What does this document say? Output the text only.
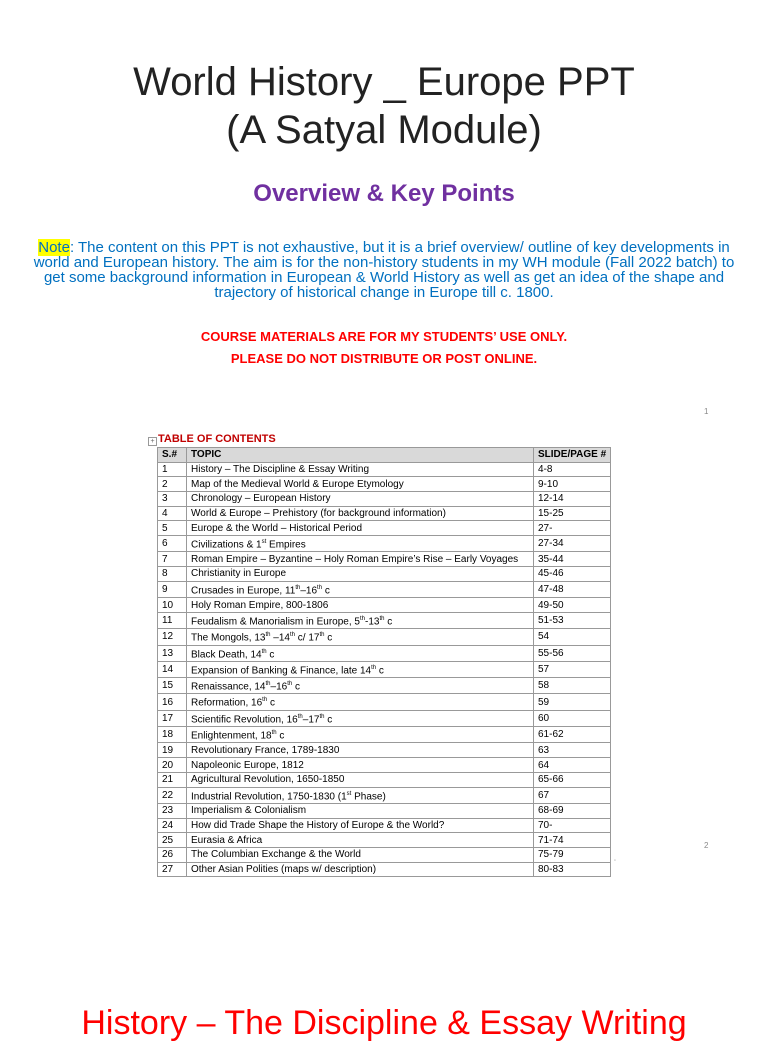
World History _ Europe PPT
(A Satyal Module)
Overview & Key Points
Note: The content on this PPT is not exhaustive, but it is a brief overview/ outline of key developments in world and European history. The aim is for the non-history students in my WH module (Fall 2022 batch) to get some background information in European & World History as well as get an idea of the shape and trajectory of historical change in Europe till c. 1800.
COURSE MATERIALS ARE FOR MY STUDENTS’ USE ONLY.
PLEASE DO NOT DISTRIBUTE OR POST ONLINE.
1
+ TABLE OF CONTENTS
S.#	TOPIC	SLIDE/PAGE #
1	History – The Discipline & Essay Writing	4-8
2	Map of the Medieval World & Europe Etymology	9-10
3	Chronology – European History	12-14
4	World & Europe – Prehistory (for background information)	15-25
5	Europe & the World – Historical Period	27-
6	Civilizations & 1st Empires	27-34
7	Roman Empire – Byzantine – Holy Roman Empire’s Rise – Early Voyages	35-44
8	Christianity in Europe	45-46
9	Crusades in Europe, 11th–16th c	47-48
10	Holy Roman Empire, 800-1806	49-50
11	Feudalism & Manorialism in Europe, 5th-13th c	51-53
12	The Mongols, 13th –14th c/ 17th c	54
13	Black Death, 14th c	55-56
14	Expansion of Banking & Finance, late 14th c	57
15	Renaissance, 14th–16th c	58
16	Reformation, 16th c	59
17	Scientific Revolution, 16th–17th c	60
18	Enlightenment, 18th c	61-62
19	Revolutionary France, 1789-1830	63
20	Napoleonic Europe, 1812	64
21	Agricultural Revolution, 1650-1850	65-66
22	Industrial Revolution, 1750-1830 (1st Phase)	67
23	Imperialism & Colonialism	68-69
24	How did Trade Shape the History of Europe & the World?	70-
25	Eurasia & Africa	71-74
26	The Columbian Exchange & the World	75-79
27	Other Asian Polities (maps w/ description)	80-83
▫
2
History – The Discipline & Essay Writing
